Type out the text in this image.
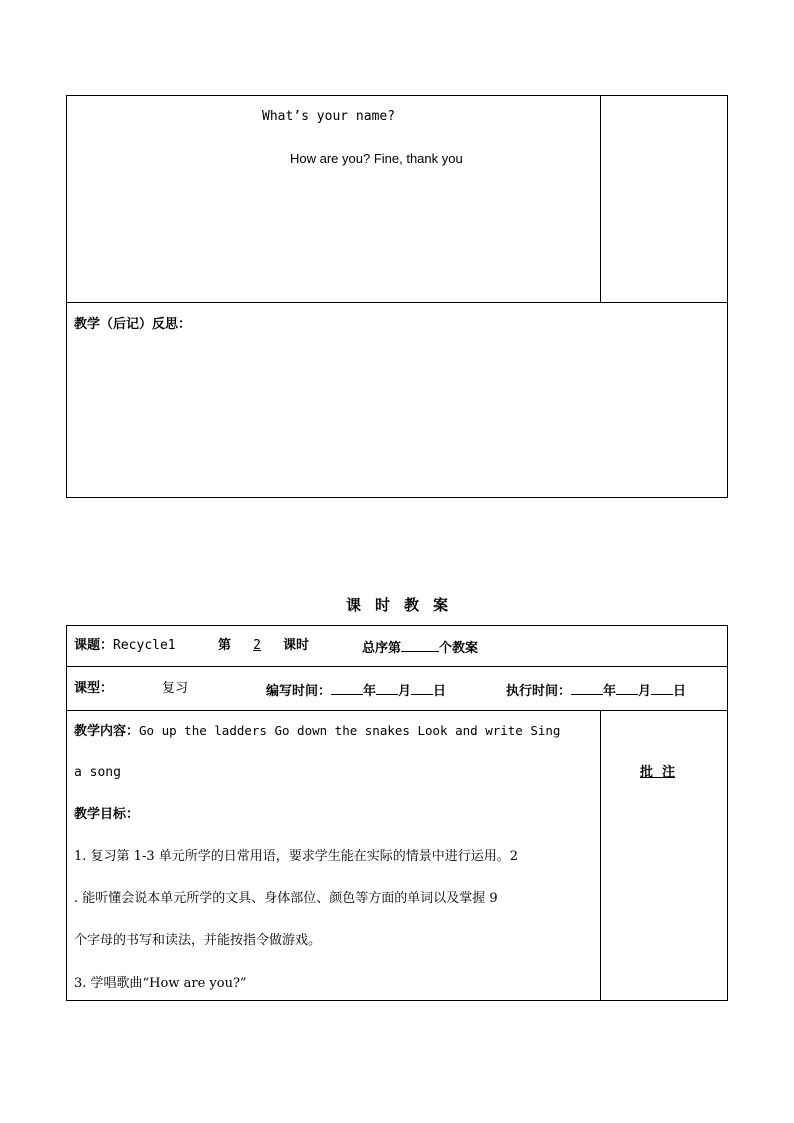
What’s your name?
How are you? Fine, thank you
教学（后记）反思：
课时教案
课题：Recycle1	第 2 课时	总序第	个教案
课型：	复习	编写时间： 年 月 日	执行时间： 年 月 日
教学内容：Go up the ladders Go down the snakes Look and write Sing
a song
教学目标：
1. 复习第 1-3 单元所学的日常用语，要求学生能在实际的情景中进行运用。2
. 能听懂会说本单元所学的文具、身体部位、颜色等方面的单词以及掌握 9
个字母的书写和读法，并能按指令做游戏。
3. 学唱歌曲“How are you?”
批  注
